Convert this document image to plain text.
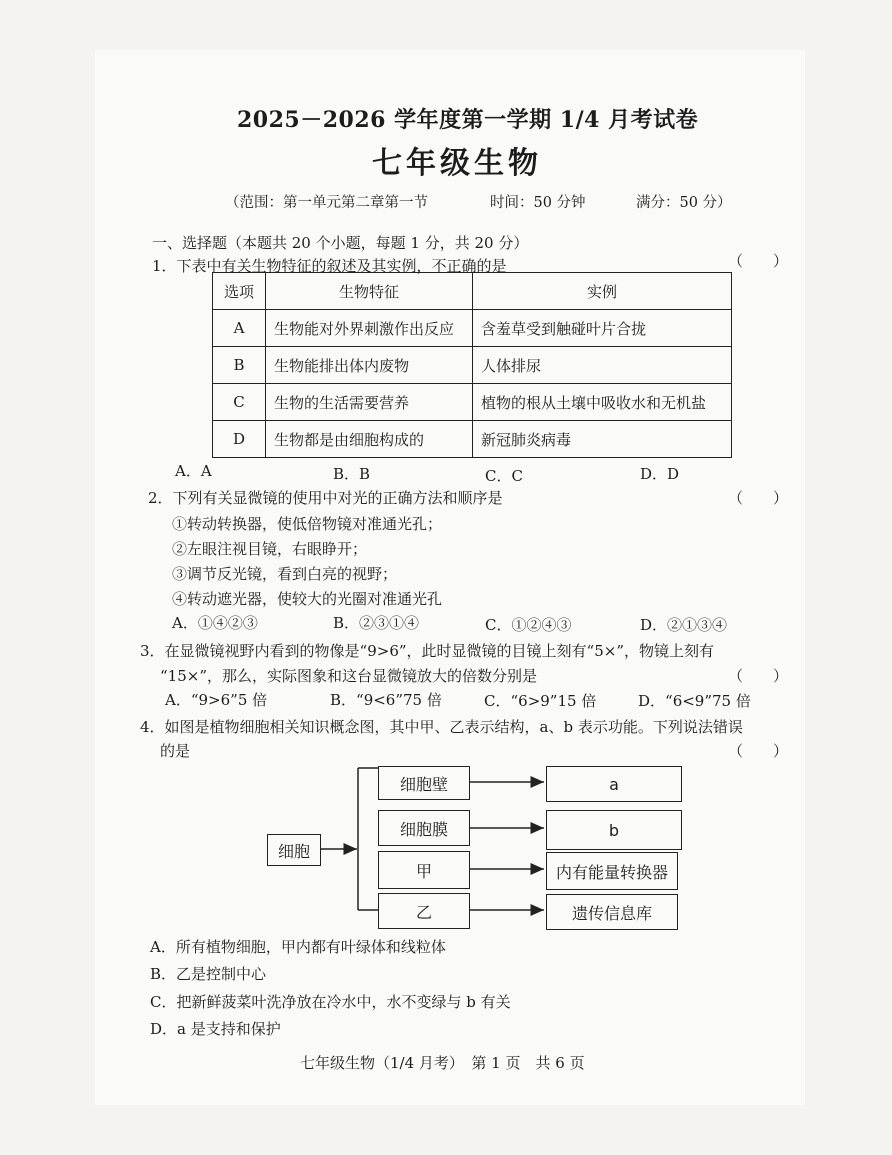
2025－2026 学年度第一学期 1/4 月考试卷
七年级生物
（范围：第一单元第二章第一节	时间：50 分钟	满分：50 分）
一、选择题（本题共 20 个小题，每题 1 分，共 20 分）
1．下表中有关生物特征的叙述及其实例，不正确的是	（　　）
选项	生物特征	实例
A	生物能对外界刺激作出反应	含羞草受到触碰叶片合拢
B	生物能排出体内废物	人体排尿
C	生物的生活需要营养	植物的根从土壤中吸收水和无机盐
D	生物都是由细胞构成的	新冠肺炎病毒
A．A	B．B	C．C	D．D
2．下列有关显微镜的使用中对光的正确方法和顺序是	（　　）
①转动转换器，使低倍物镜对准通光孔；
②左眼注视目镜，右眼睁开；
③调节反光镜，看到白亮的视野；
④转动遮光器，使较大的光圈对准通光孔
A．①④②③	B．②③①④	C．①②④③	D．②①③④
3．在显微镜视野内看到的物像是“9>6”，此时显微镜的目镜上刻有“5×”，物镜上刻有
“15×”，那么，实际图象和这台显微镜放大的倍数分别是	（　　）
A．“9>6”5 倍	B．“9<6”75 倍	C．“6>9”15 倍	D．“6<9”75 倍
4．如图是植物细胞相关知识概念图，其中甲、乙表示结构，a、b 表示功能。下列说法错误
的是	（　　）
细胞
细胞壁
细胞膜
甲
乙
a
b
内有能量转换器
遗传信息库
A．所有植物细胞，甲内都有叶绿体和线粒体
B．乙是控制中心
C．把新鲜菠菜叶洗净放在冷水中，水不变绿与 b 有关
D．a 是支持和保护
七年级生物（1/4 月考）　第 1 页　共 6 页
